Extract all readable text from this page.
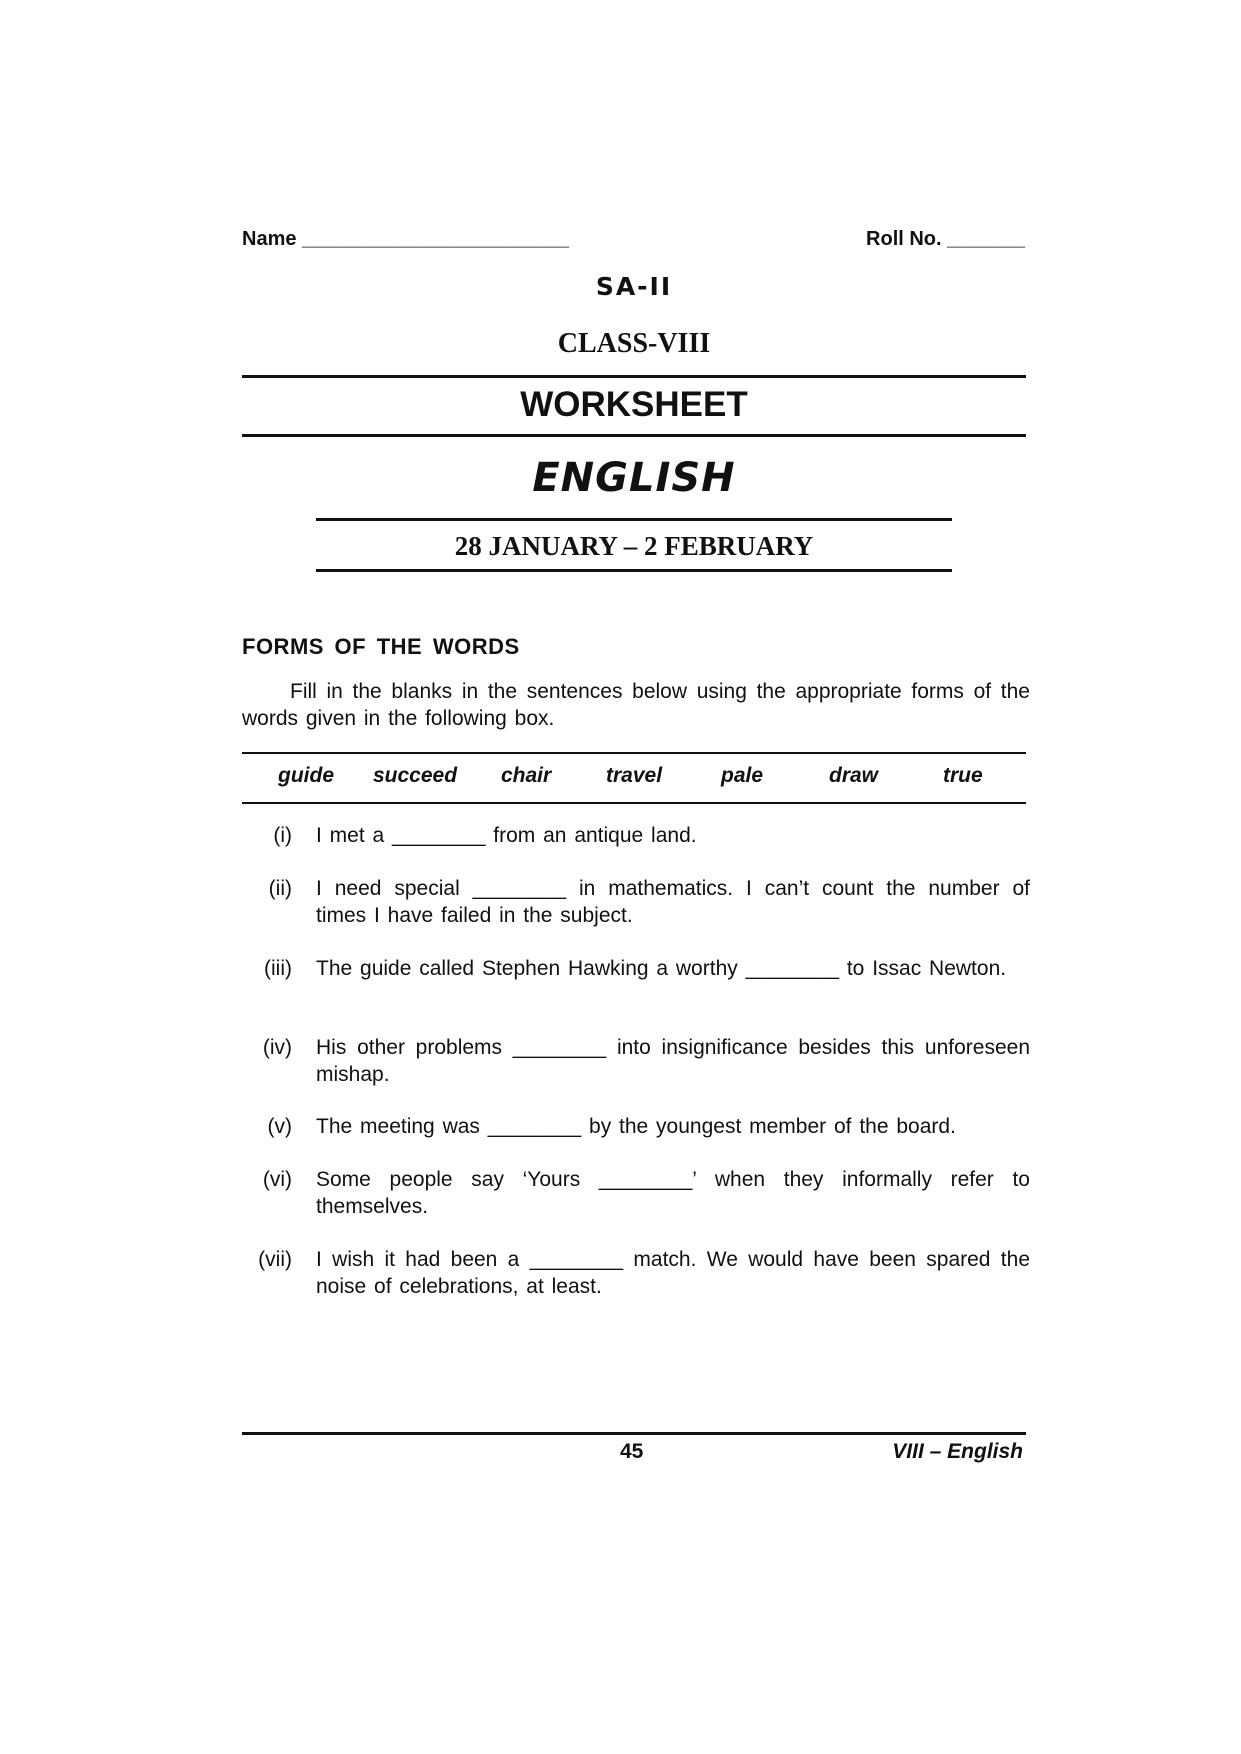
Name ________________________	Roll No. _______
SA-II
CLASS-VIII
WORKSHEET
ENGLISH
28 JANUARY – 2 FEBRUARY
FORMS OF THE WORDS
Fill in the blanks in the sentences below using the appropriate forms of the words given in the following box.
guide succeed chair	travel	pale	draw	true
(i) I met a ________ from an antique land.
(ii) I need special ________ in mathematics. I can’t count the number of times I have failed in the subject.
(iii) The guide called Stephen Hawking a worthy ________ to Issac Newton.
(iv) His other problems ________ into insignificance besides this unforeseen mishap.
(v) The meeting was ________ by the youngest member of the board.
(vi) Some people say ‘Yours ________’ when they informally refer to themselves.
(vii) I wish it had been a ________ match. We would have been spared the noise of celebrations, at least.
45	VIII – English
